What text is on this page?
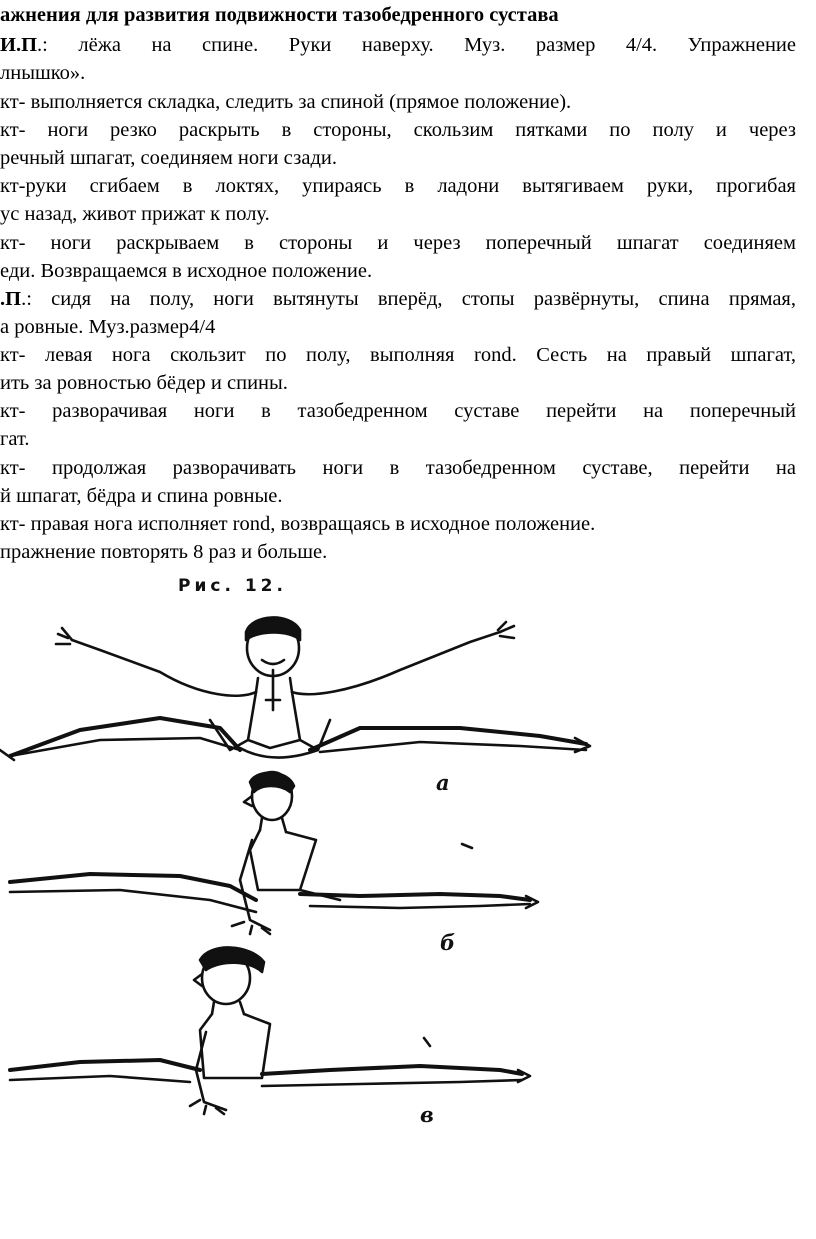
ажнения для развития подвижности тазобедренного сустава
И.П.: лёжа на спине. Руки наверху. Муз. размер 4/4. Упражнение
лнышко».
кт- выполняется складка, следить за спиной (прямое положение).
кт- ноги резко раскрыть в стороны, скользим пятками по полу и через
речный шпагат, соединяем ноги сзади.
кт-руки сгибаем в локтях, упираясь в ладони вытягиваем руки, прогибая
ус назад, живот прижат к полу.
кт- ноги раскрываем в стороны и через поперечный шпагат соединяем
еди. Возвращаемся в исходное положение.
.П.: сидя на полу, ноги вытянуты вперёд, стопы развёрнуты, спина прямая,
а ровные. Муз.размер4/4
кт- левая нога скользит по полу, выполняя rond. Сесть на правый шпагат,
ить за ровностью бёдер и спины.
кт- разворачивая ноги в тазобедренном суставе перейти на поперечный
гат.
кт- продолжая разворачивать ноги в тазобедренном суставе, перейти на
й шпагат, бёдра и спина ровные.
кт- правая нога исполняет rond, возвращаясь в исходное положение.
пражнение повторять 8 раз и больше.
Рис. 12.
а
б
в
